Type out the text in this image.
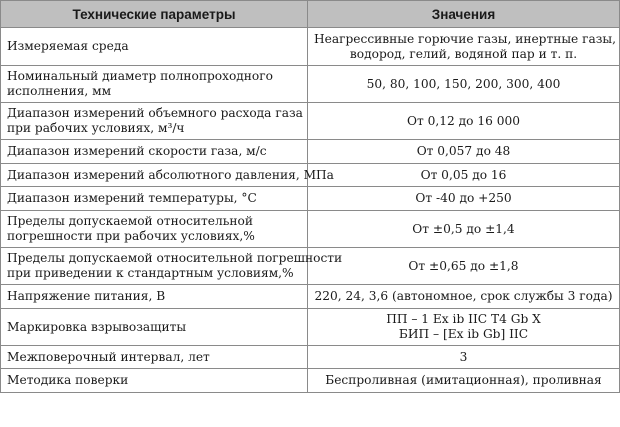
Технические параметры	Значения

Измеряемая среда	Неагрессивные горючие газы, инертные газы,
водород, гелий, водяной пар и т. п.

Номинальный диаметр полнопроходного
исполнения, мм	50, 80, 100, 150, 200, 300, 400

Диапазон измерений объемного расхода газа
при рабочих условиях, м³/ч	От 0,12 до 16 000

Диапазон измерений скорости газа, м/с	От 0,057 до 48

Диапазон измерений абсолютного давления, МПа	От 0,05 до 16

Диапазон измерений температуры, °С	От -40 до +250

Пределы допускаемой относительной
погрешности при рабочих условиях,%	От ±0,5 до ±1,4

Пределы допускаемой относительной погрешности
при приведении к стандартным условиям,%	От ±0,65 до ±1,8

Напряжение питания, В	220, 24, 3,6 (автономное, срок службы 3 года)

Маркировка взрывозащиты	ПП – 1 Ex ib IIC T4 Gb X
БИП – [Ex ib Gb] IIC

Межповерочный интервал, лет	3

Методика поверки	Беспроливная (имитационная), проливная
